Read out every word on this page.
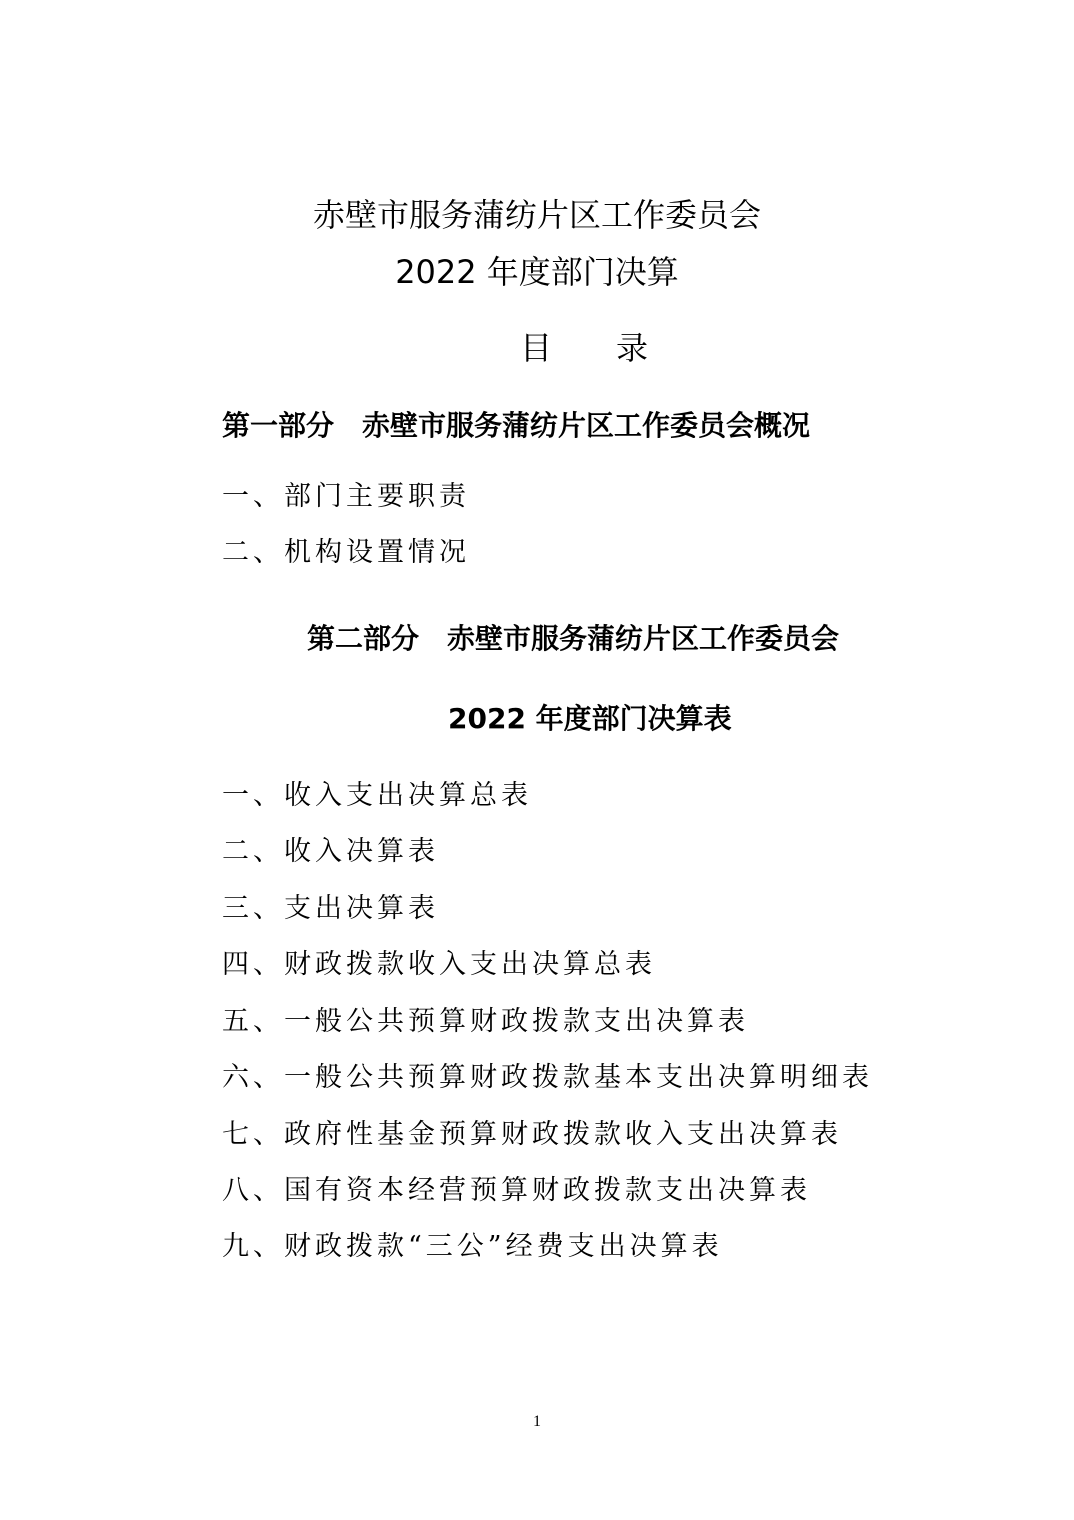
赤壁市服务蒲纺片区工作委员会
2022 年度部门决算
目　　录
第一部分　赤壁市服务蒲纺片区工作委员会概况
一、部门主要职责
二、机构设置情况
第二部分　赤壁市服务蒲纺片区工作委员会
2022 年度部门决算表
一、收入支出决算总表
二、收入决算表
三、支出决算表
四、财政拨款收入支出决算总表
五、一般公共预算财政拨款支出决算表
六、一般公共预算财政拨款基本支出决算明细表
七、政府性基金预算财政拨款收入支出决算表
八、国有资本经营预算财政拨款支出决算表
九、财政拨款“三公”经费支出决算表
1
